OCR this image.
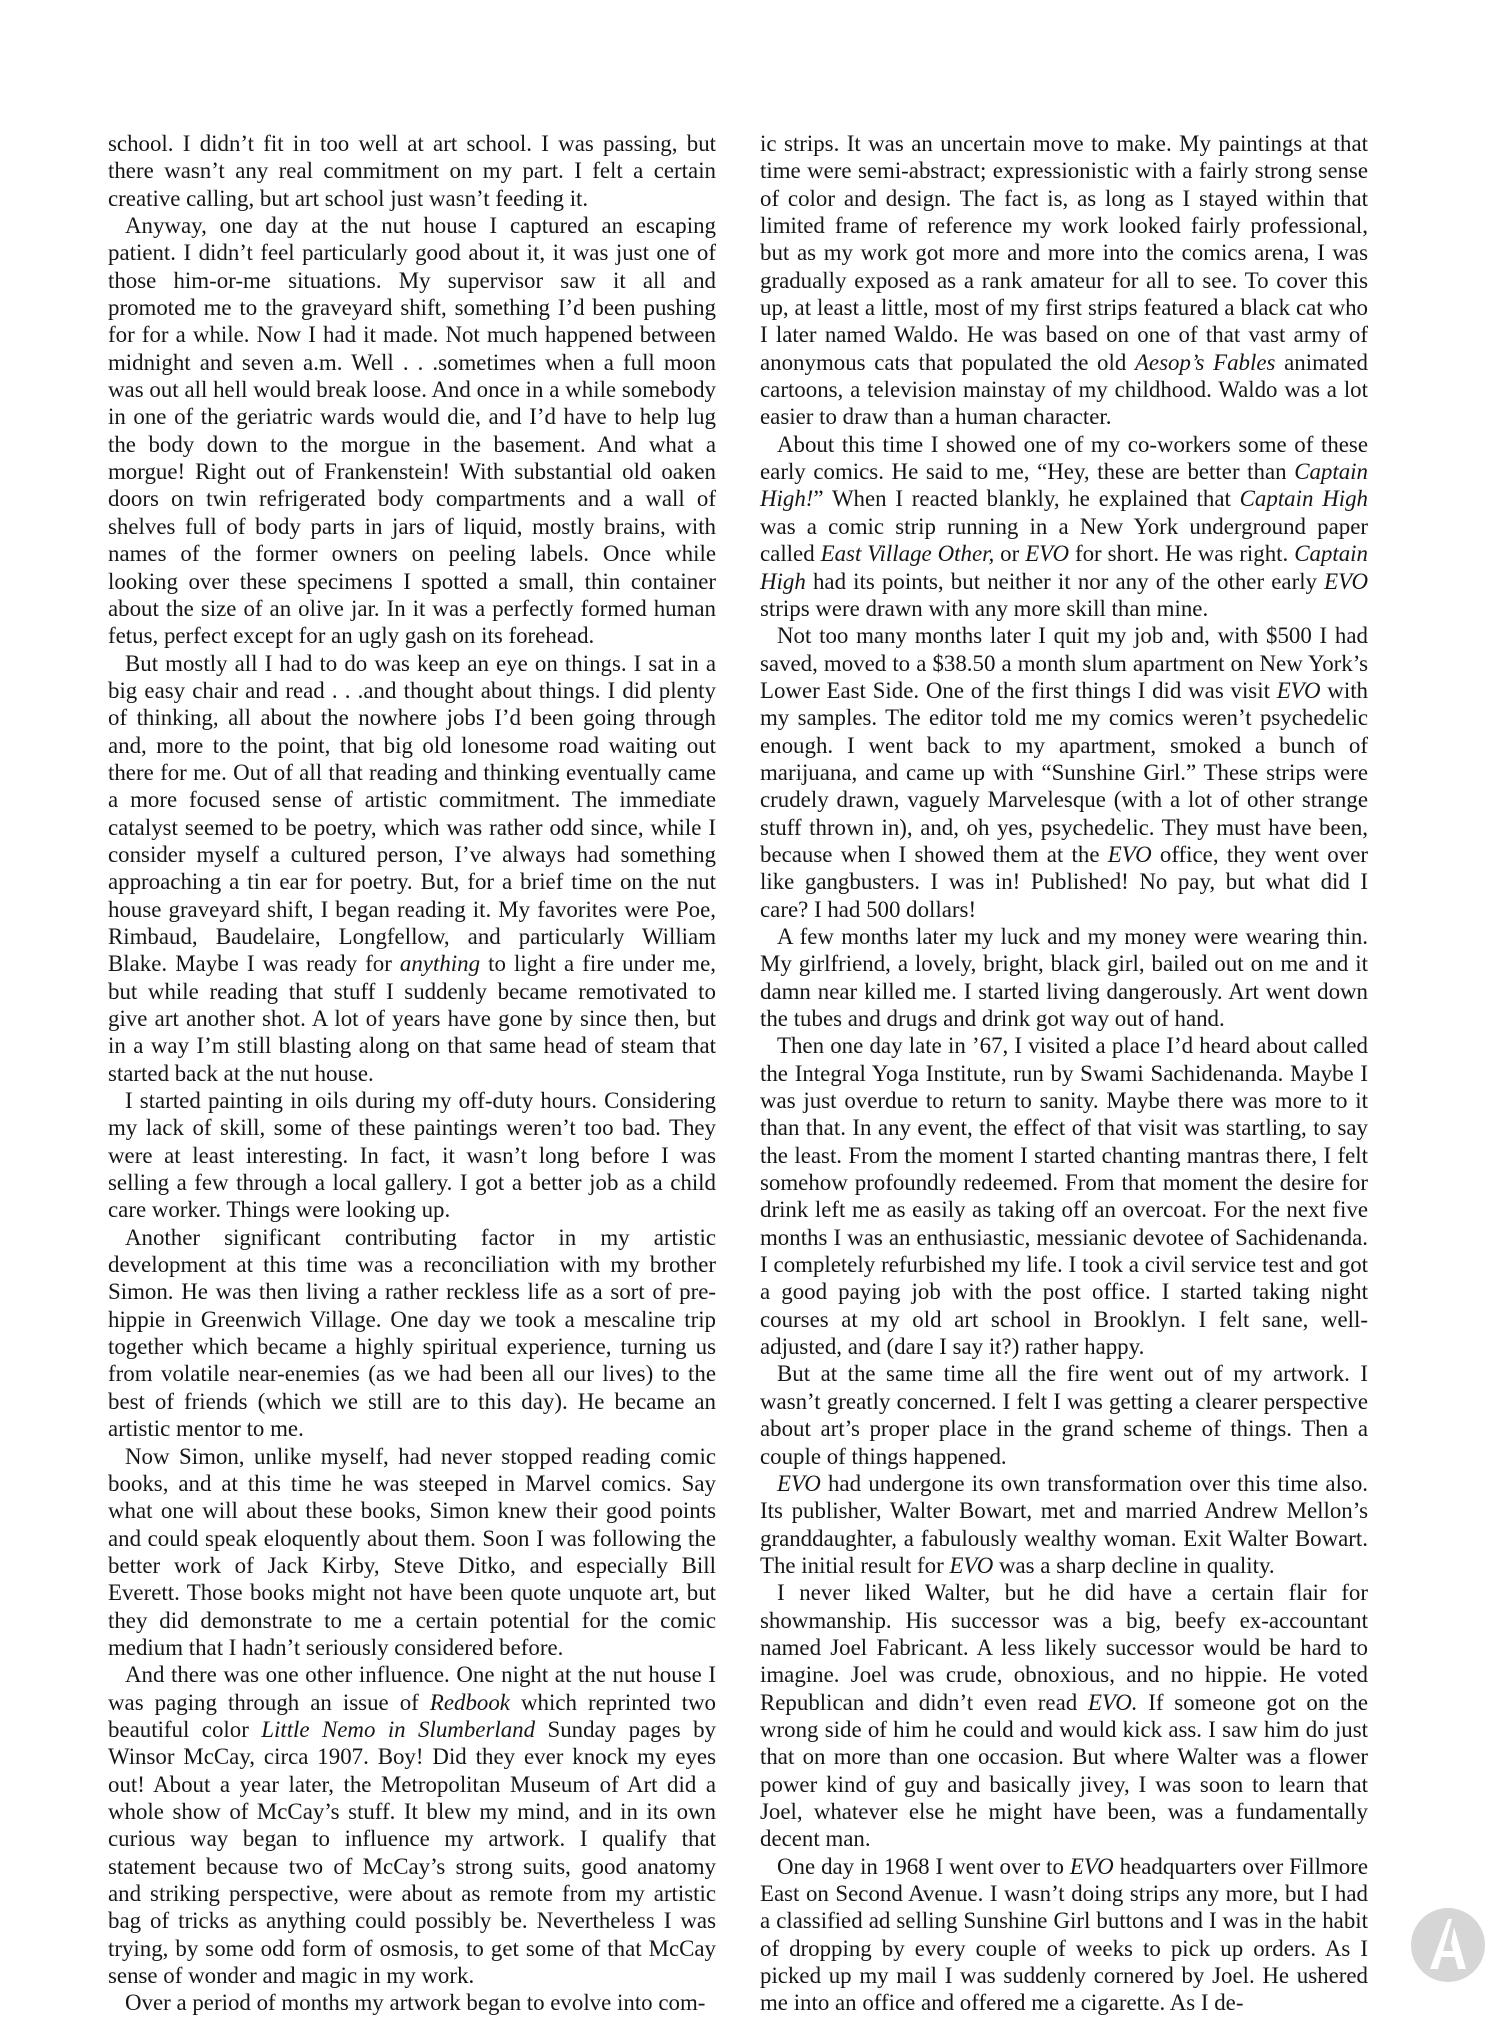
school. I didn’t fit in too well at art school. I was passing, but there wasn’t any real commitment on my part. I felt a certain creative calling, but art school just wasn’t feeding it.

Anyway, one day at the nut house I captured an escaping patient. I didn’t feel particularly good about it, it was just one of those him-or-me situations. My supervisor saw it all and promoted me to the graveyard shift, something I’d been pushing for for a while. Now I had it made. Not much happened between midnight and seven a.m. Well . . .sometimes when a full moon was out all hell would break loose. And once in a while somebody in one of the geriatric wards would die, and I’d have to help lug the body down to the morgue in the basement. And what a morgue! Right out of Frankenstein! With substantial old oaken doors on twin refrigerated body compartments and a wall of shelves full of body parts in jars of liquid, mostly brains, with names of the former owners on peeling labels. Once while looking over these specimens I spotted a small, thin container about the size of an olive jar. In it was a perfectly formed human fetus, perfect except for an ugly gash on its forehead.

But mostly all I had to do was keep an eye on things. I sat in a big easy chair and read . . .and thought about things. I did plenty of thinking, all about the nowhere jobs I’d been going through and, more to the point, that big old lonesome road waiting out there for me. Out of all that reading and thinking eventually came a more focused sense of artistic commitment. The immediate catalyst seemed to be poetry, which was rather odd since, while I consider myself a cultured person, I’ve always had something approaching a tin ear for poetry. But, for a brief time on the nut house graveyard shift, I began reading it. My favorites were Poe, Rimbaud, Baudelaire, Longfellow, and particularly William Blake. Maybe I was ready for anything to light a fire under me, but while reading that stuff I suddenly became remotivated to give art another shot. A lot of years have gone by since then, but in a way I’m still blasting along on that same head of steam that started back at the nut house.

I started painting in oils during my off-duty hours. Considering my lack of skill, some of these paintings weren’t too bad. They were at least interesting. In fact, it wasn’t long before I was selling a few through a local gallery. I got a better job as a child care worker. Things were looking up.

Another significant contributing factor in my artistic development at this time was a reconciliation with my brother Simon. He was then living a rather reckless life as a sort of pre-hippie in Greenwich Village. One day we took a mescaline trip together which became a highly spiritual experience, turning us from volatile near-enemies (as we had been all our lives) to the best of friends (which we still are to this day). He became an artistic mentor to me.

Now Simon, unlike myself, had never stopped reading comic books, and at this time he was steeped in Marvel comics. Say what one will about these books, Simon knew their good points and could speak eloquently about them. Soon I was following the better work of Jack Kirby, Steve Ditko, and especially Bill Everett. Those books might not have been quote unquote art, but they did demonstrate to me a certain potential for the comic medium that I hadn’t seriously considered before.

And there was one other influence. One night at the nut house I was paging through an issue of Redbook which reprinted two beautiful color Little Nemo in Slumberland Sunday pages by Winsor McCay, circa 1907. Boy! Did they ever knock my eyes out! About a year later, the Metropolitan Museum of Art did a whole show of McCay’s stuff. It blew my mind, and in its own curious way began to influence my artwork. I qualify that statement because two of McCay’s strong suits, good anatomy and striking perspective, were about as remote from my artistic bag of tricks as anything could possibly be. Nevertheless I was trying, by some odd form of osmosis, to get some of that McCay sense of wonder and magic in my work.

Over a period of months my artwork began to evolve into com-

ic strips. It was an uncertain move to make. My paintings at that time were semi-abstract; expressionistic with a fairly strong sense of color and design. The fact is, as long as I stayed within that limited frame of reference my work looked fairly professional, but as my work got more and more into the comics arena, I was gradually exposed as a rank amateur for all to see. To cover this up, at least a little, most of my first strips featured a black cat who I later named Waldo. He was based on one of that vast army of anonymous cats that populated the old Aesop’s Fables animated cartoons, a television mainstay of my childhood. Waldo was a lot easier to draw than a human character.

About this time I showed one of my co-workers some of these early comics. He said to me, “Hey, these are better than Captain High!” When I reacted blankly, he explained that Captain High was a comic strip running in a New York underground paper called East Village Other, or EVO for short. He was right. Captain High had its points, but neither it nor any of the other early EVO strips were drawn with any more skill than mine.

Not too many months later I quit my job and, with $500 I had saved, moved to a $38.50 a month slum apartment on New York’s Lower East Side. One of the first things I did was visit EVO with my samples. The editor told me my comics weren’t psychedelic enough. I went back to my apartment, smoked a bunch of marijuana, and came up with “Sunshine Girl.” These strips were crudely drawn, vaguely Marvelesque (with a lot of other strange stuff thrown in), and, oh yes, psychedelic. They must have been, because when I showed them at the EVO office, they went over like gangbusters. I was in! Published! No pay, but what did I care? I had 500 dollars!

A few months later my luck and my money were wearing thin. My girlfriend, a lovely, bright, black girl, bailed out on me and it damn near killed me. I started living dangerously. Art went down the tubes and drugs and drink got way out of hand.

Then one day late in ’67, I visited a place I’d heard about called the Integral Yoga Institute, run by Swami Sachidenanda. Maybe I was just overdue to return to sanity. Maybe there was more to it than that. In any event, the effect of that visit was startling, to say the least. From the moment I started chanting mantras there, I felt somehow profoundly redeemed. From that moment the desire for drink left me as easily as taking off an overcoat. For the next five months I was an enthusiastic, messianic devotee of Sachidenanda. I completely refurbished my life. I took a civil service test and got a good paying job with the post office. I started taking night courses at my old art school in Brooklyn. I felt sane, well-adjusted, and (dare I say it?) rather happy.

But at the same time all the fire went out of my artwork. I wasn’t greatly concerned. I felt I was getting a clearer perspective about art’s proper place in the grand scheme of things. Then a couple of things happened.

EVO had undergone its own transformation over this time also. Its publisher, Walter Bowart, met and married Andrew Mellon’s granddaughter, a fabulously wealthy woman. Exit Walter Bowart. The initial result for EVO was a sharp decline in quality.

I never liked Walter, but he did have a certain flair for showmanship. His successor was a big, beefy ex-accountant named Joel Fabricant. A less likely successor would be hard to imagine. Joel was crude, obnoxious, and no hippie. He voted Republican and didn’t even read EVO. If someone got on the wrong side of him he could and would kick ass. I saw him do just that on more than one occasion. But where Walter was a flower power kind of guy and basically jivey, I was soon to learn that Joel, whatever else he might have been, was a fundamentally decent man.

One day in 1968 I went over to EVO headquarters over Fillmore East on Second Avenue. I wasn’t doing strips any more, but I had a classified ad selling Sunshine Girl buttons and I was in the habit of dropping by every couple of weeks to pick up orders. As I picked up my mail I was suddenly cornered by Joel. He ushered me into an office and offered me a cigarette. As I de-
